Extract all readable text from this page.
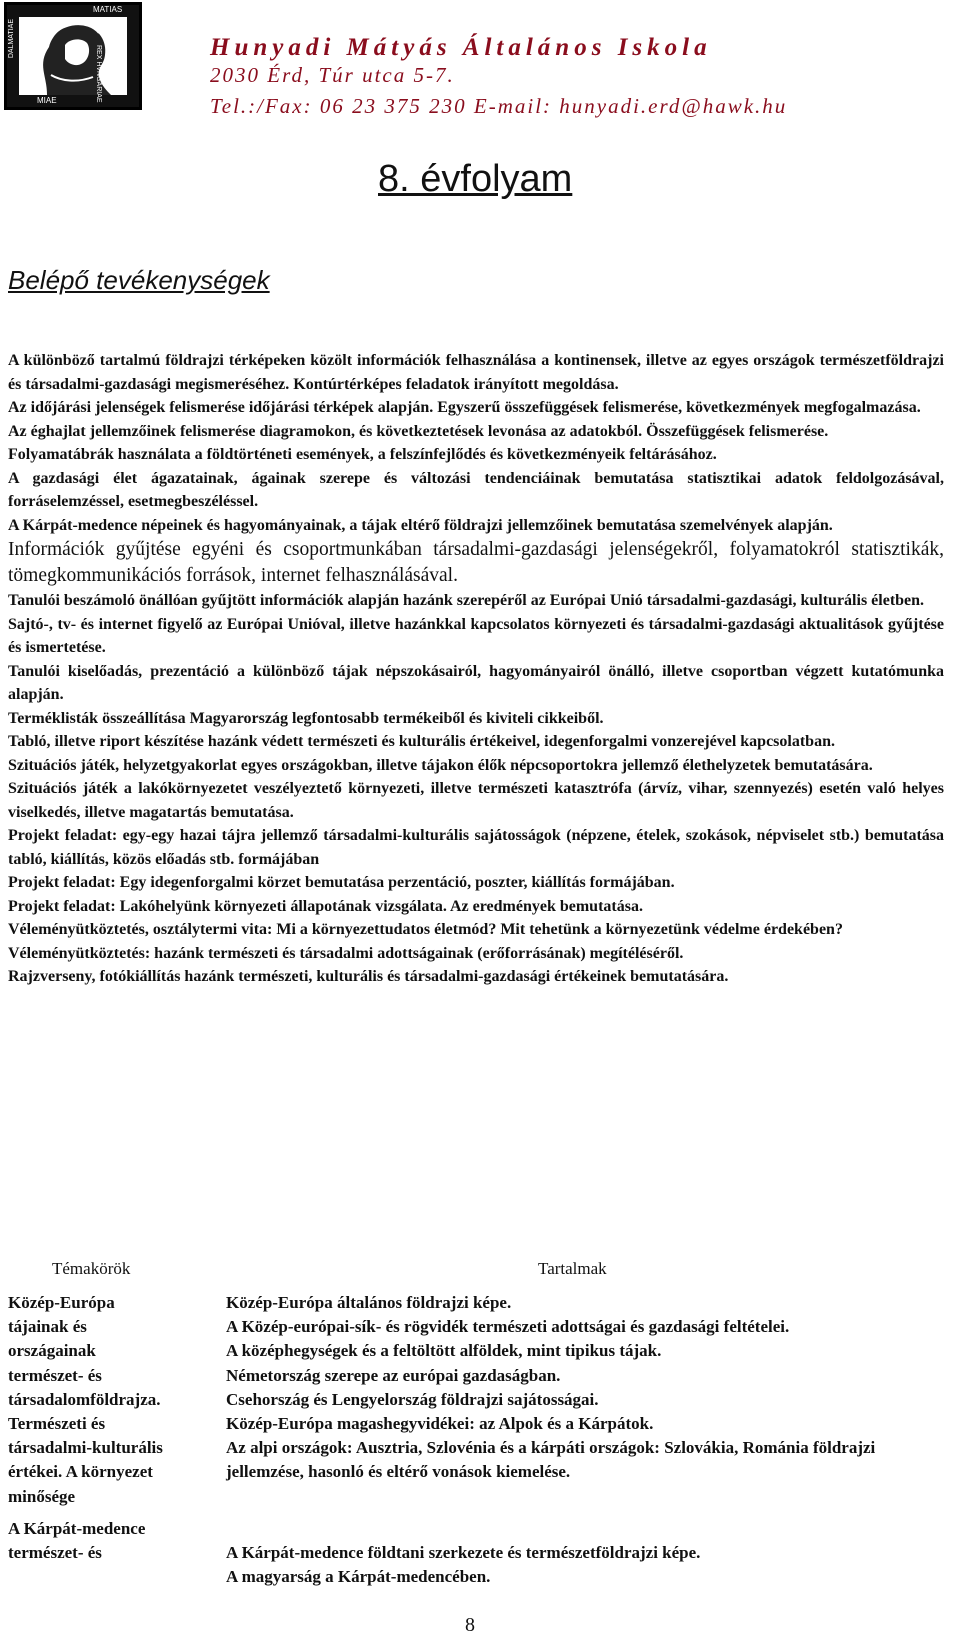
MATIAS
REX HVNGARIAE
DALMATIAE
MIAE
Hunyadi Mátyás Általános Iskola
2030 Érd, Túr utca 5-7.
Tel.:/Fax: 06 23 375 230 E-mail: hunyadi.erd@hawk.hu
8. évfolyam
Belépő tevékenységek

A különböző tartalmú földrajzi térképeken közölt információk felhasználása a kontinensek, illetve az egyes országok természetföldrajzi és társadalmi-gazdasági megismeréséhez. Kontúrtérképes feladatok irányított megoldása.

Az időjárási jelenségek felismerése időjárási térképek alapján. Egyszerű összefüggések felismerése, következmények megfogalmazása.

Az éghajlat jellemzőinek felismerése diagramokon, és következtetések levonása az adatokból. Összefüggések felismerése.

Folyamatábrák használata a földtörténeti események, a felszínfejlődés és következményeik feltárásához.

A gazdasági élet ágazatainak, ágainak szerepe és változási tendenciáinak bemutatása statisztikai adatok feldolgozásával, forráselemzéssel, esetmegbeszéléssel.

A Kárpát-medence népeinek és hagyományainak, a tájak eltérő földrajzi jellemzőinek bemutatása szemelvények alapján.

Információk gyűjtése egyéni és csoportmunkában társadalmi-gazdasági jelenségekről, folyamatokról statisztikák, tömegkommunikációs források, internet felhasználásával.

Tanulói beszámoló önállóan gyűjtött információk alapján hazánk szerepéről az Európai Unió társadalmi-gazdasági, kulturális életben.

Sajtó-, tv- és internet figyelő az Európai Unióval, illetve hazánkkal kapcsolatos környezeti és társadalmi-gazdasági aktualitások gyűjtése és ismertetése.

Tanulói kiselőadás, prezentáció a különböző tájak népszokásairól, hagyományairól önálló, illetve csoportban végzett kutatómunka alapján.

Terméklisták összeállítása Magyarország legfontosabb termékeiből és kiviteli cikkeiből.

Tabló, illetve riport készítése hazánk védett természeti és kulturális értékeivel, idegenforgalmi vonzerejével kapcsolatban.

Szituációs játék, helyzetgyakorlat egyes országokban, illetve tájakon élők népcsoportokra jellemző élethelyzetek bemutatására.

Szituációs játék a lakókörnyezetet veszélyeztető környezeti, illetve természeti katasztrófa (árvíz, vihar, szennyezés) esetén való helyes viselkedés, illetve magatartás bemutatása.

Projekt feladat: egy-egy hazai tájra jellemző társadalmi-kulturális sajátosságok (népzene, ételek, szokások, népviselet stb.) bemutatása tabló, kiállítás, közös előadás stb. formájában

Projekt feladat: Egy idegenforgalmi körzet bemutatása perzentáció, poszter, kiállítás formájában.

Projekt feladat: Lakóhelyünk környezeti állapotának vizsgálata. Az eredmények bemutatása.

Véleményütköztetés, osztálytermi vita: Mi a környezettudatos életmód? Mit tehetünk a környezetünk védelme érdekében?

Véleményütköztetés: hazánk természeti és társadalmi adottságainak (erőforrásának) megítéléséről.

Rajzverseny, fotókiállítás hazánk természeti, kulturális és társadalmi-gazdasági értékeinek bemutatására.

Témakörök	Tartalmak

Közép-Európa

tájainak és

országainak

természet- és

társadalomföldrajza.

Természeti és

társadalmi-kulturális

értékei. A környezet

minősége

A Kárpát-medence

természet- és

Közép-Európa általános földrajzi képe.

A Közép-európai-sík- és rögvidék természeti adottságai és gazdasági feltételei.

A középhegységek és a feltöltött alföldek, mint tipikus tájak.

Németország szerepe az európai gazdaságban.

Csehország és Lengyelország földrajzi sajátosságai.

Közép-Európa magashegyvidékei: az Alpok és a Kárpátok.

Az alpi országok: Ausztria, Szlovénia és a kárpáti országok: Szlovákia, Románia földrajzi jellemzése, hasonló és eltérő vonások kiemelése.

A Kárpát-medence földtani szerkezete és természetföldrajzi képe.

A magyarság a Kárpát-medencében.

8
